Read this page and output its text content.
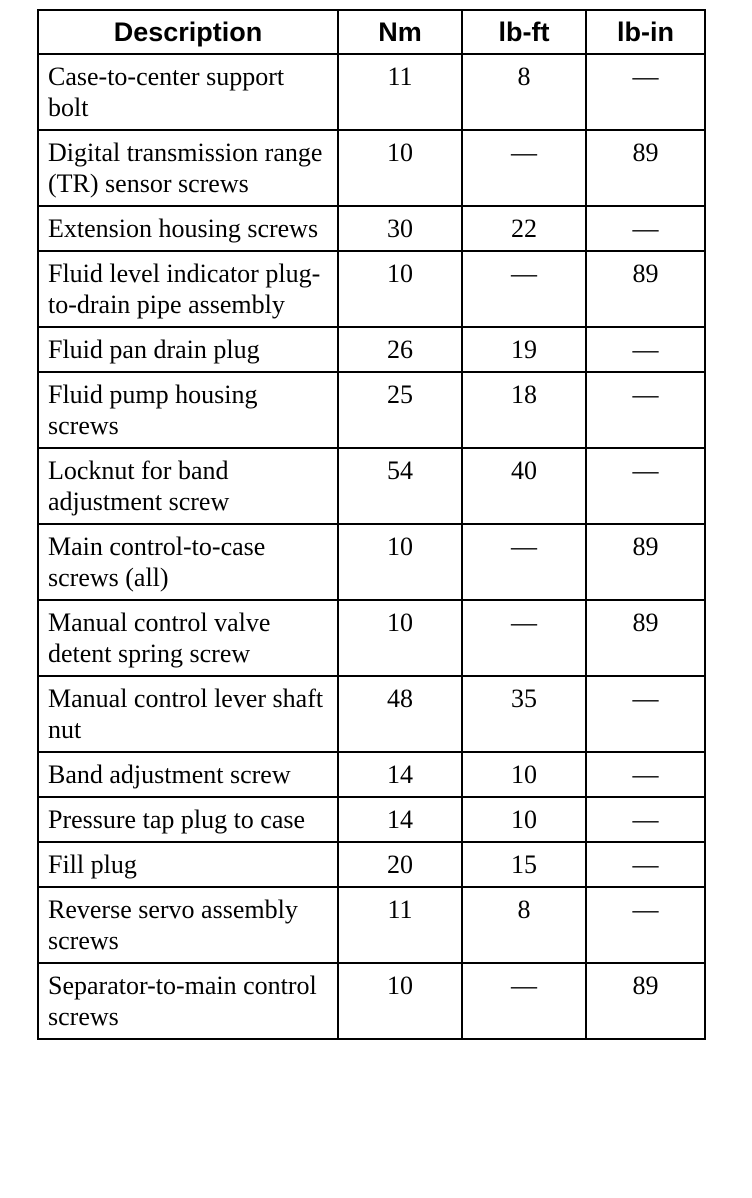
Description	Nm	lb-ft	lb-in
Case-to-center support bolt	11	8	—
Digital transmission range (TR) sensor screws	10	—	89
Extension housing screws	30	22	—
Fluid level indicator plug-to-drain pipe assembly	10	—	89
Fluid pan drain plug	26	19	—
Fluid pump housing screws	25	18	—
Locknut for band adjustment screw	54	40	—
Main control-to-case screws (all)	10	—	89
Manual control valve detent spring screw	10	—	89
Manual control lever shaft nut	48	35	—
Band adjustment screw	14	10	—
Pressure tap plug to case	14	10	—
Fill plug	20	15	—
Reverse servo assembly screws	11	8	—
Separator-to-main control screws	10	—	89
